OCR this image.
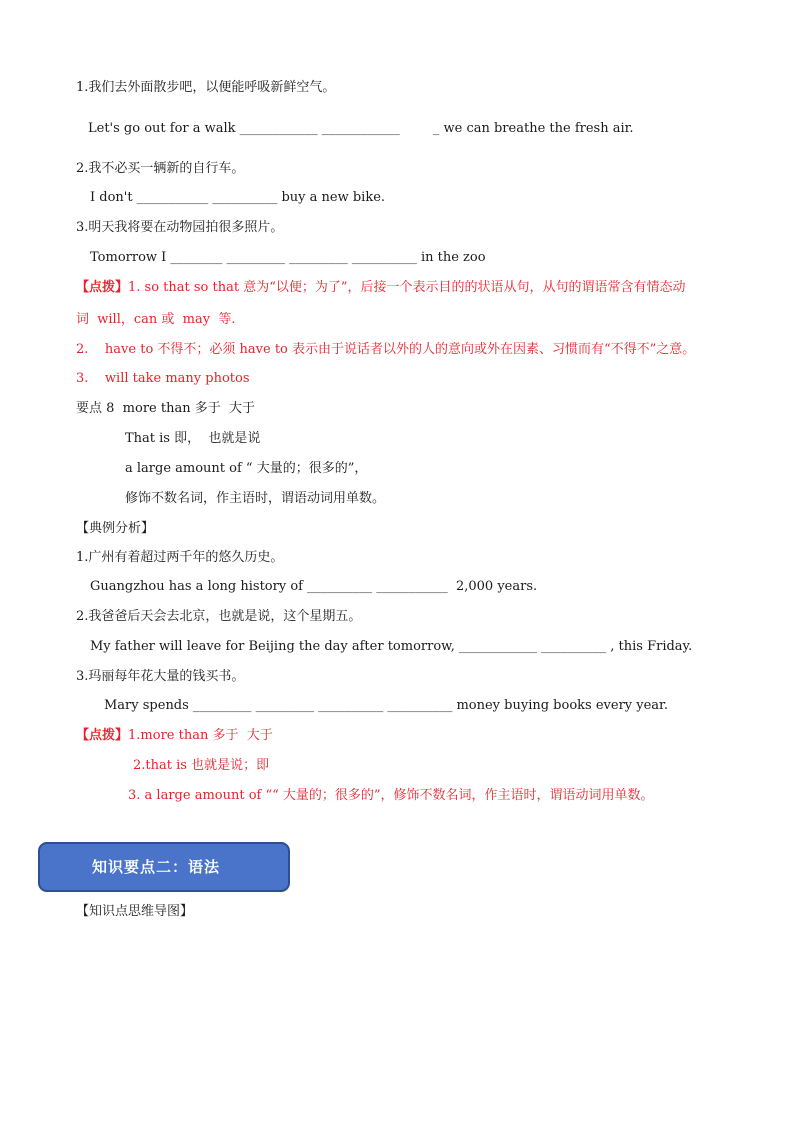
1.我们去外面散步吧，以便能呼吸新鲜空气。
Let's go out for a walk ____________ ____________        _ we can breathe the fresh air.
2.我不必买一辆新的自行车。
I don't ___________ __________ buy a new bike.
3.明天我将要在动物园拍很多照片。
Tomorrow I ________ _________ _________ __________ in the zoo
【点拨】1. so that so that 意为“以便；为了”，后接一个表示目的的状语从句，从句的谓语常含有情态动
词  will，can 或  may  等.
2.    have to 不得不；必须 have to 表示由于说话者以外的人的意向或外在因素、习惯而有“不得不”之意。
3.    will take many photos
要点 8  more than 多于  大于
That is 即，  也就是说
a large amount of “ 大量的；很多的”，
修饰不数名词，作主语时，谓语动词用单数。
【典例分析】
1.广州有着超过两千年的悠久历史。
Guangzhou has a long history of __________ ___________  2,000 years.
2.我爸爸后天会去北京，也就是说，这个星期五。
My father will leave for Beijing the day after tomorrow, ____________ __________ , this Friday.
3.玛丽每年花大量的钱买书。
Mary spends _________ _________ __________ __________ money buying books every year.
【点拨】1.more than 多于  大于
2.that is 也就是说；即
3. a large amount of ““ 大量的；很多的”，修饰不数名词，作主语时，谓语动词用单数。
知识要点二：语法
【知识点思维导图】
